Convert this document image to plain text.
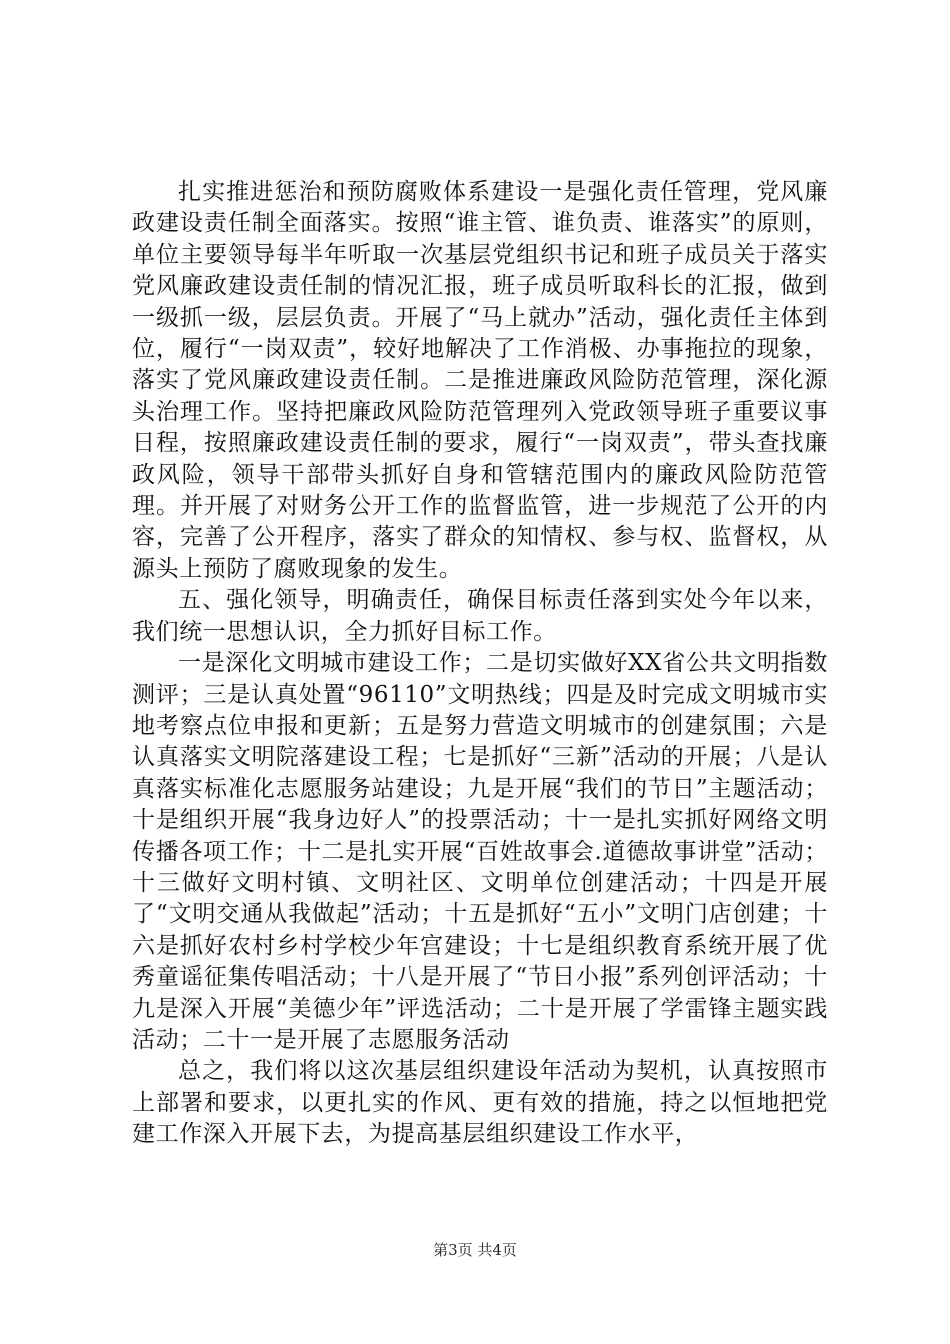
扎实推进惩治和预防腐败体系建设一是强化责任管理，党风廉政建设责任制全面落实。按照“谁主管、谁负责、谁落实”的原则，单位主要领导每半年听取一次基层党组织书记和班子成员关于落实党风廉政建设责任制的情况汇报，班子成员听取科长的汇报，做到一级抓一级，层层负责。开展了“马上就办”活动，强化责任主体到位，履行“一岗双责”，较好地解决了工作消极、办事拖拉的现象，落实了党风廉政建设责任制。二是推进廉政风险防范管理，深化源头治理工作。坚持把廉政风险防范管理列入党政领导班子重要议事日程，按照廉政建设责任制的要求，履行“一岗双责”，带头查找廉政风险，领导干部带头抓好自身和管辖范围内的廉政风险防范管理。并开展了对财务公开工作的监督监管，进一步规范了公开的内容，完善了公开程序，落实了群众的知情权、参与权、监督权，从源头上预防了腐败现象的发生。

五、强化领导，明确责任，确保目标责任落到实处今年以来，我们统一思想认识，全力抓好目标工作。

一是深化文明城市建设工作；二是切实做好XX省公共文明指数测评；三是认真处置“96110”文明热线；四是及时完成文明城市实地考察点位申报和更新；五是努力营造文明城市的创建氛围；六是认真落实文明院落建设工程；七是抓好“三新”活动的开展；八是认真落实标准化志愿服务站建设；九是开展“我们的节日”主题活动；十是组织开展“我身边好人”的投票活动；十一是扎实抓好网络文明传播各项工作；十二是扎实开展“百姓故事会.道德故事讲堂”活动；十三做好文明村镇、文明社区、文明单位创建活动；十四是开展了“文明交通从我做起”活动；十五是抓好“五小”文明门店创建；十六是抓好农村乡村学校少年宫建设；十七是组织教育系统开展了优秀童谣征集传唱活动；十八是开展了“节日小报”系列创评活动；十九是深入开展“美德少年”评选活动；二十是开展了学雷锋主题实践活动；二十一是开展了志愿服务活动

总之，我们将以这次基层组织建设年活动为契机，认真按照市上部署和要求，以更扎实的作风、更有效的措施，持之以恒地把党建工作深入开展下去，为提高基层组织建设工作水平，

第3页 共4页
